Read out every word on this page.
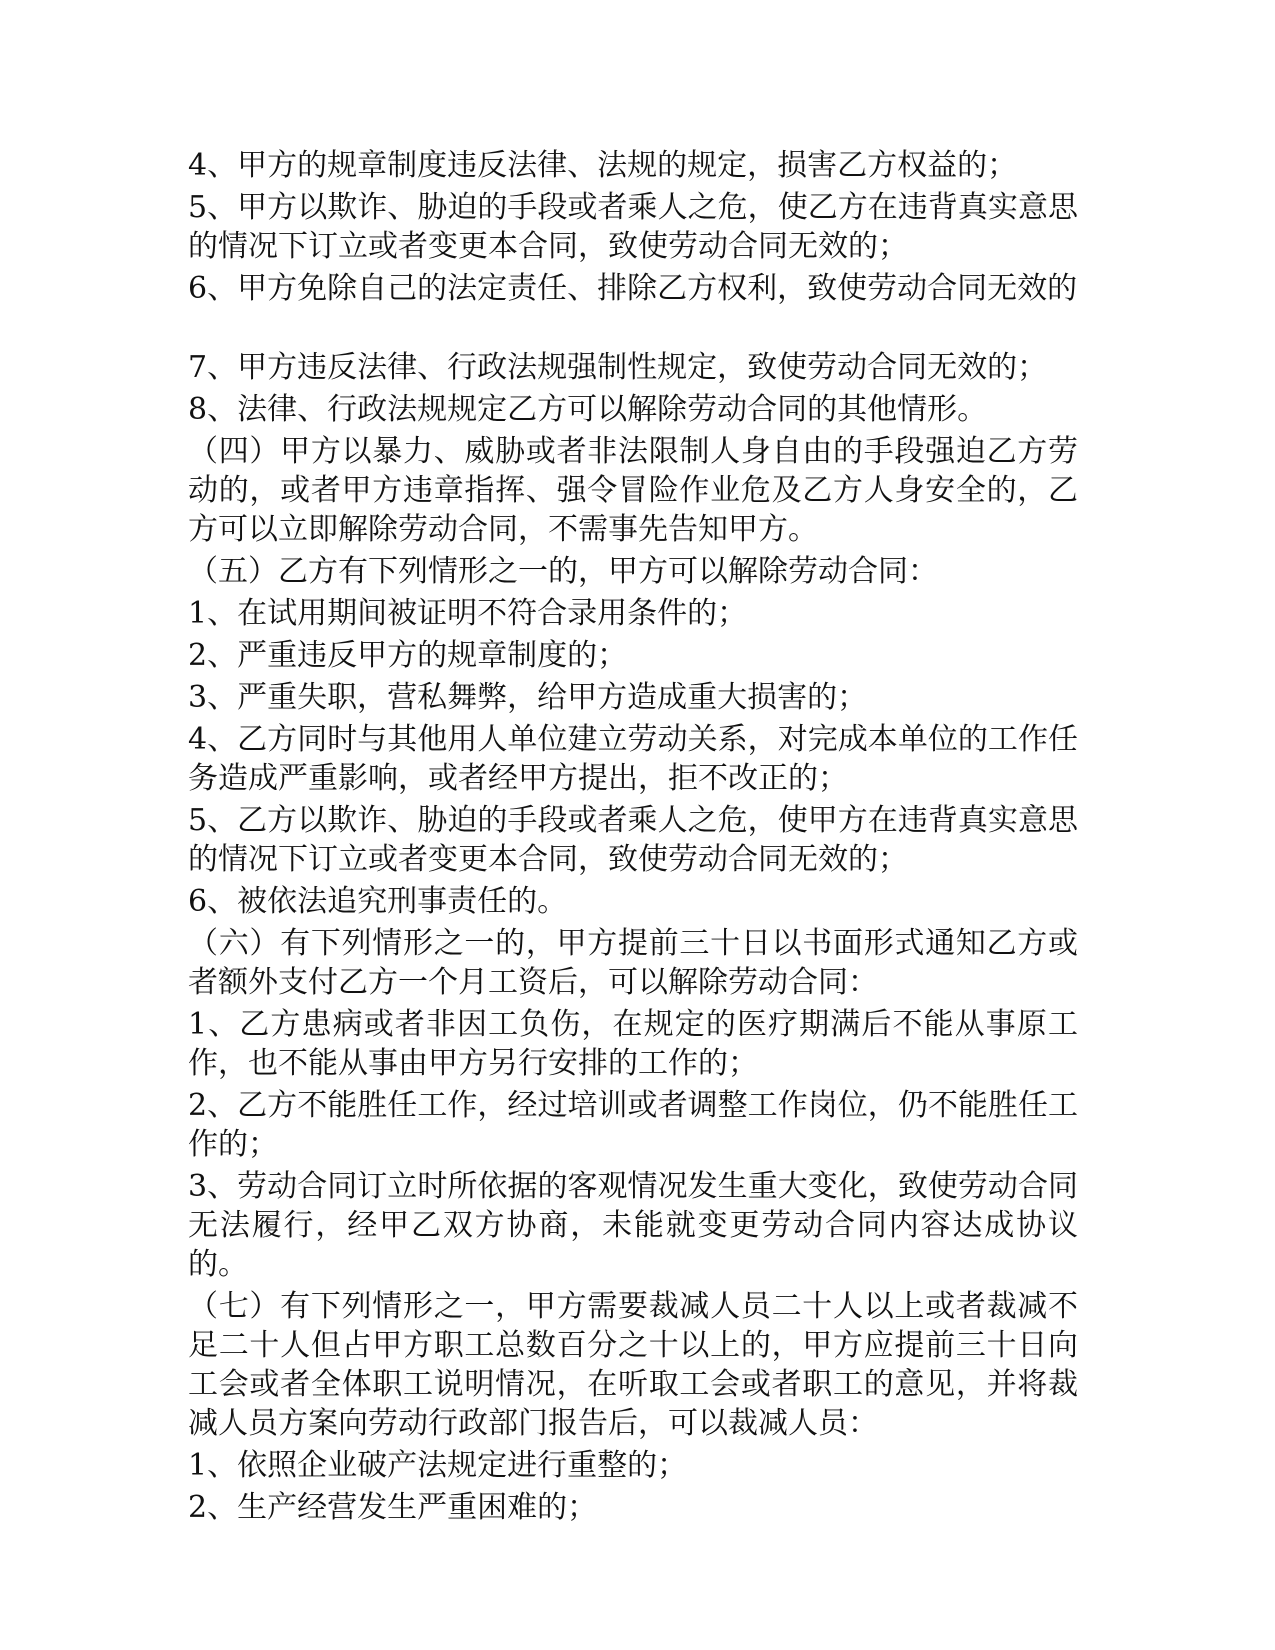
4、甲方的规章制度违反法律、法规的规定，损害乙方权益的；

5、甲方以欺诈、胁迫的手段或者乘人之危，使乙方在违背真实意思的情况下订立或者变更本合同，致使劳动合同无效的；

6、甲方免除自己的法定责任、排除乙方权利，致使劳动合同无效的

7、甲方违反法律、行政法规强制性规定，致使劳动合同无效的；

8、法律、行政法规规定乙方可以解除劳动合同的其他情形。

（四）甲方以暴力、威胁或者非法限制人身自由的手段强迫乙方劳动的，或者甲方违章指挥、强令冒险作业危及乙方人身安全的，乙方可以立即解除劳动合同，不需事先告知甲方。

（五）乙方有下列情形之一的，甲方可以解除劳动合同：

1、在试用期间被证明不符合录用条件的；

2、严重违反甲方的规章制度的；

3、严重失职，营私舞弊，给甲方造成重大损害的；

4、乙方同时与其他用人单位建立劳动关系，对完成本单位的工作任务造成严重影响，或者经甲方提出，拒不改正的；

5、乙方以欺诈、胁迫的手段或者乘人之危，使甲方在违背真实意思的情况下订立或者变更本合同，致使劳动合同无效的；

6、被依法追究刑事责任的。

（六）有下列情形之一的，甲方提前三十日以书面形式通知乙方或者额外支付乙方一个月工资后，可以解除劳动合同：

1、乙方患病或者非因工负伤，在规定的医疗期满后不能从事原工作，也不能从事由甲方另行安排的工作的；

2、乙方不能胜任工作，经过培训或者调整工作岗位，仍不能胜任工作的；

3、劳动合同订立时所依据的客观情况发生重大变化，致使劳动合同无法履行，经甲乙双方协商，未能就变更劳动合同内容达成协议的。

（七）有下列情形之一，甲方需要裁减人员二十人以上或者裁减不足二十人但占甲方职工总数百分之十以上的，甲方应提前三十日向工会或者全体职工说明情况，在听取工会或者职工的意见，并将裁减人员方案向劳动行政部门报告后，可以裁减人员：

1、依照企业破产法规定进行重整的；

2、生产经营发生严重困难的；
